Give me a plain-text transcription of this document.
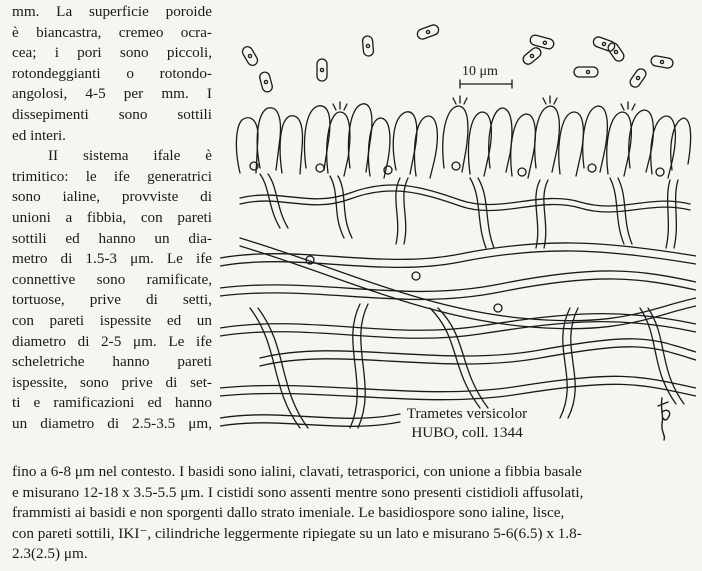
mm. La superficie poroide
è biancastra, cremeo ocra-
cea; i pori sono piccoli,
rotondeggianti o rotondo-
angolosi, 4-5 per mm. I
dissepimenti sono sottili
ed interi.

II sistema ifale è
trimitico: le ife generatrici
sono ialine, provviste di
unioni a fibbia, con pareti
sottili ed hanno un dia-
metro di 1.5-3 μm. Le ife
connettive sono ramificate,
tortuose, prive di setti,
con pareti ispessite ed un
diametro di 2-5 μm. Le ife
scheletriche hanno pareti
ispessite, sono prive di set-
ti e ramificazioni ed hanno
un diametro di 2.5-3.5 μm,

10 μm
Trametes versicolor
HUBO, coll. 1344
fino a 6-8 μm nel contesto. I basidi sono ialini, clavati, tetrasporici, con unione a fibbia basale
e misurano 12-18 x 3.5-5.5 μm. I cistidi sono assenti mentre sono presenti cistidioli affusolati,
frammisti ai basidi e non sporgenti dallo strato imeniale. Le basidiospore sono ialine, lisce,
con pareti sottili, IKI⁻, cilindriche leggermente ripiegate su un lato e misurano 5-6(6.5) x 1.8-
2.3(2.5) μm.
